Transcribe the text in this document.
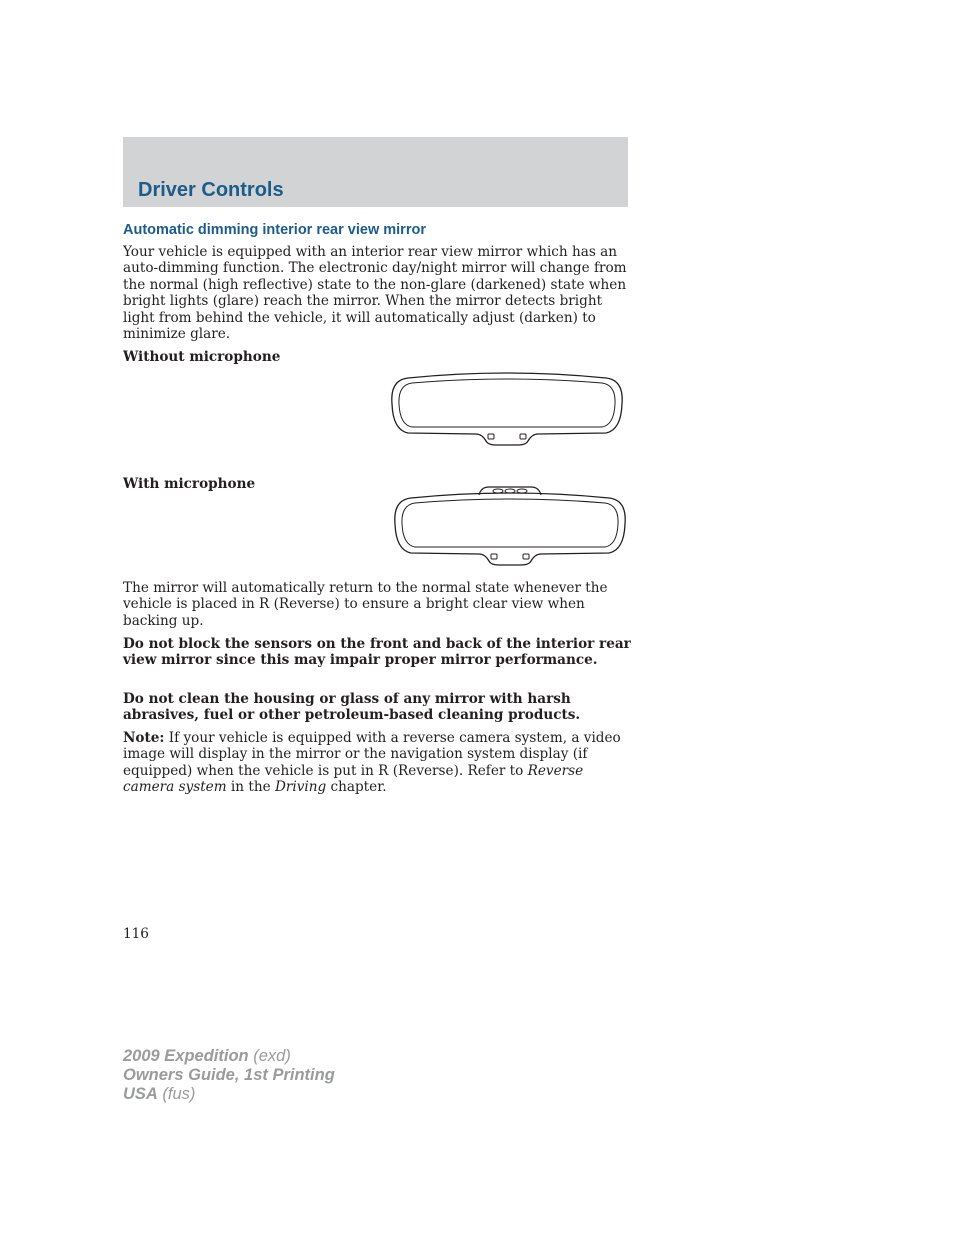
Driver Controls
Automatic dimming interior rear view mirror

Your vehicle is equipped with an interior rear view mirror which has an auto-dimming function. The electronic day/night mirror will change from the normal (high reflective) state to the non-glare (darkened) state when bright lights (glare) reach the mirror. When the mirror detects bright light from behind the vehicle, it will automatically adjust (darken) to minimize glare.

Without microphone
With microphone

The mirror will automatically return to the normal state whenever the vehicle is placed in R (Reverse) to ensure a bright clear view when backing up.

Do not block the sensors on the front and back of the interior rear view mirror since this may impair proper mirror performance.

Do not clean the housing or glass of any mirror with harsh abrasives, fuel or other petroleum-based cleaning products.

Note: If your vehicle is equipped with a reverse camera system, a video image will display in the mirror or the navigation system display (if equipped) when the vehicle is put in R (Reverse). Refer to Reverse camera system in the Driving chapter.

116
2009 Expedition (exd)
Owners Guide, 1st Printing
USA (fus)
